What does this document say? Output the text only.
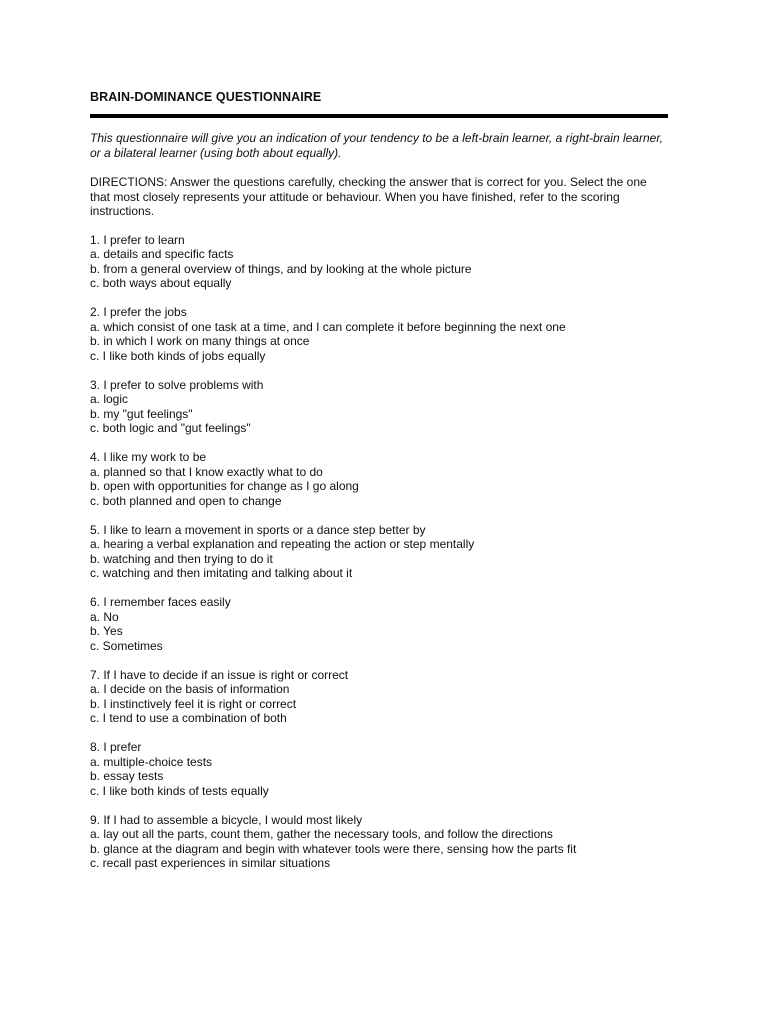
BRAIN-DOMINANCE QUESTIONNAIRE

This questionnaire will give you an indication of your tendency to be a left-brain learner, a right-brain learner, or a bilateral learner (using both about equally).

DIRECTIONS: Answer the questions carefully, checking the answer that is correct for you. Select the one that most closely represents your attitude or behaviour. When you have finished, refer to the scoring instructions.

1. I prefer to learn
a. details and specific facts
b. from a general overview of things, and by looking at the whole picture
c. both ways about equally
2. I prefer the jobs
a. which consist of one task at a time, and I can complete it before beginning the next one
b. in which I work on many things at once
c. I like both kinds of jobs equally
3. I prefer to solve problems with
a. logic
b. my "gut feelings"
c. both logic and "gut feelings"
4. I like my work to be
a. planned so that I know exactly what to do
b. open with opportunities for change as I go along
c. both planned and open to change
5. I like to learn a movement in sports or a dance step better by
a. hearing a verbal explanation and repeating the action or step mentally
b. watching and then trying to do it
c. watching and then imitating and talking about it
6. I remember faces easily
a. No
b. Yes
c. Sometimes
7. If I have to decide if an issue is right or correct
a. I decide on the basis of information
b. I instinctively feel it is right or correct
c. I tend to use a combination of both
8. I prefer
a. multiple-choice tests
b. essay tests
c. I like both kinds of tests equally
9. If I had to assemble a bicycle, I would most likely
a. lay out all the parts, count them, gather the necessary tools, and follow the directions
b. glance at the diagram and begin with whatever tools were there, sensing how the parts fit
c. recall past experiences in similar situations
